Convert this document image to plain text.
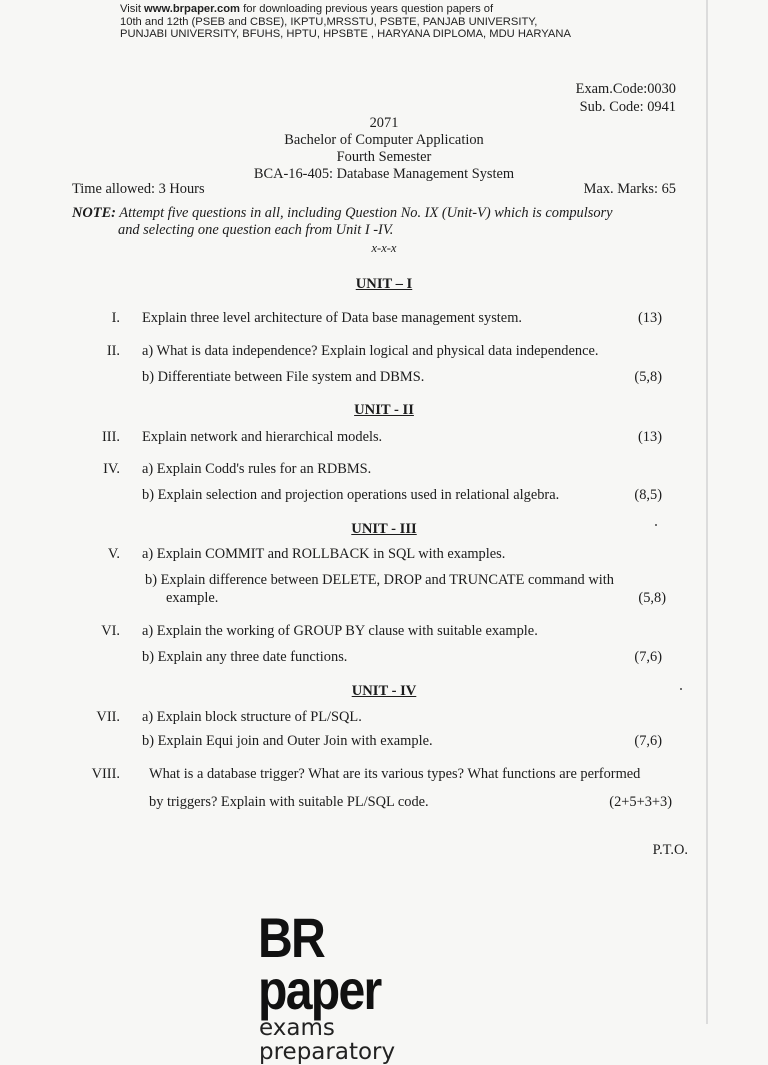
Visit www.brpaper.com for downloading previous years question papers of
10th and 12th (PSEB and CBSE), IKPTU,MRSSTU, PSBTE, PANJAB UNIVERSITY,
PUNJABI UNIVERSITY, BFUHS, HPTU, HPSBTE , HARYANA DIPLOMA, MDU HARYANA
Exam.Code:0030
Sub. Code: 0941
2071
Bachelor of Computer Application
Fourth Semester
BCA-16-405: Database Management System
Time allowed: 3 Hours	Max. Marks: 65
NOTE: Attempt five questions in all, including Question No. IX (Unit-V) which is compulsory
and selecting one question each from Unit I -IV.
x-x-x
UNIT – I
I. Explain three level architecture of Data base management system.	(13)
II. a) What is data independence? Explain logical and physical data independence.
b) Differentiate between File system and DBMS.	(5,8)
UNIT - II
III. Explain network and hierarchical models.	(13)
IV. a) Explain Codd's rules for an RDBMS.
b) Explain selection and projection operations used in relational algebra.	(8,5)
UNIT - III
V. a) Explain COMMIT and ROLLBACK in SQL with examples.
b) Explain difference between DELETE, DROP and TRUNCATE command with
example.	(5,8)
VI. a) Explain the working of GROUP BY clause with suitable example.
b) Explain any three date functions.	(7,6)
UNIT - IV
VII. a) Explain block structure of PL/SQL.
b) Explain Equi join and Outer Join with example.	(7,6)
VIII. What is a database trigger? What are its various types? What functions are performed
by triggers? Explain with suitable PL/SQL code.	(2+5+3+3)
P.T.O.
BR paper
exams preparatory
